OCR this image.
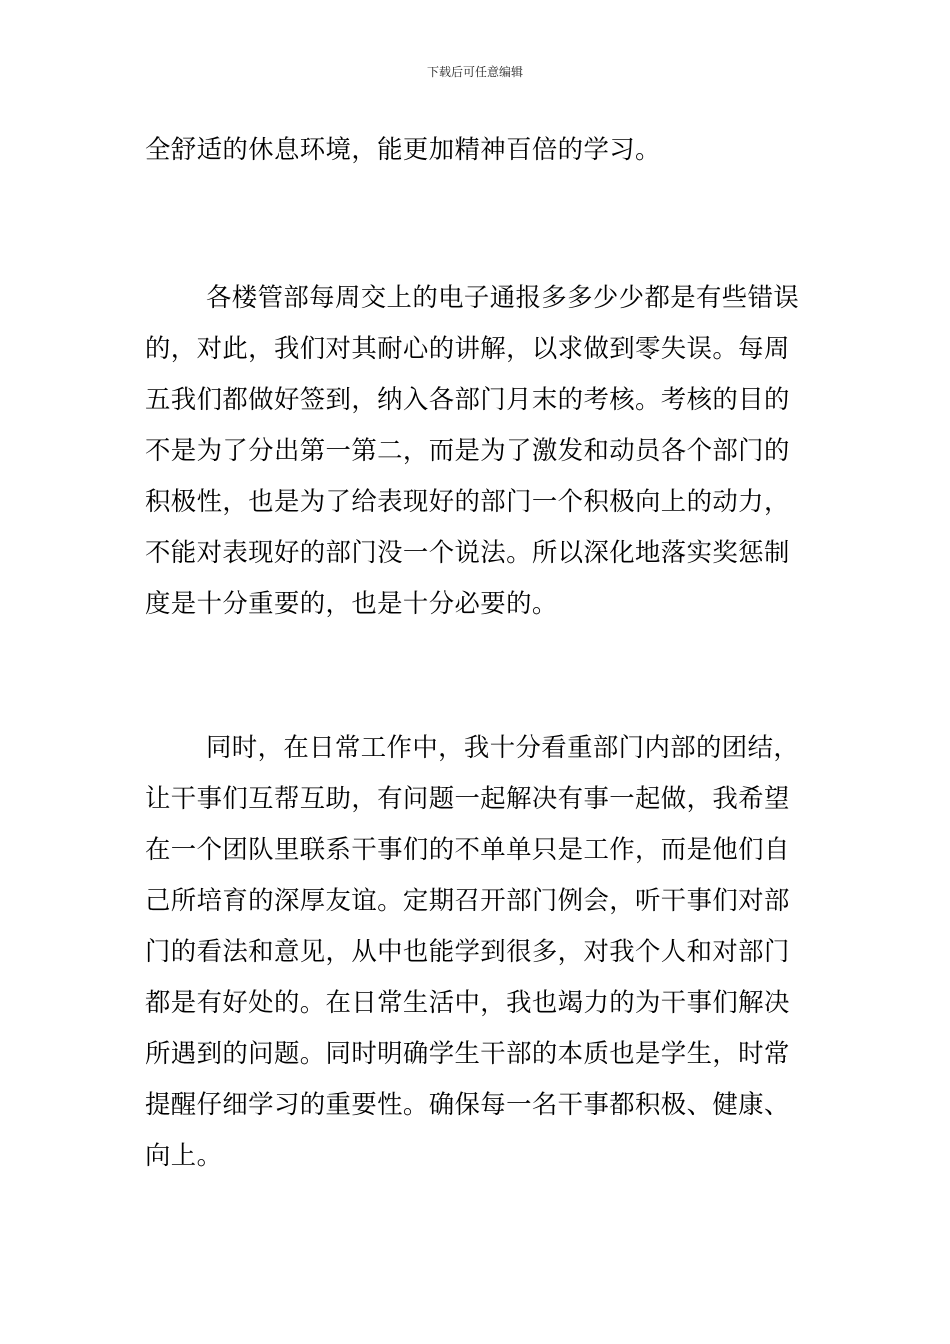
下载后可任意编辑
全舒适的休息环境，能更加精神百倍的学习。
各楼管部每周交上的电子通报多多少少都是有些错误
的，对此，我们对其耐心的讲解，以求做到零失误。每周
五我们都做好签到，纳入各部门月末的考核。考核的目的
不是为了分出第一第二，而是为了激发和动员各个部门的
积极性，也是为了给表现好的部门一个积极向上的动力，
不能对表现好的部门没一个说法。所以深化地落实奖惩制
度是十分重要的，也是十分必要的。
同时，在日常工作中，我十分看重部门内部的团结，
让干事们互帮互助，有问题一起解决有事一起做，我希望
在一个团队里联系干事们的不单单只是工作，而是他们自
己所培育的深厚友谊。定期召开部门例会，听干事们对部
门的看法和意见，从中也能学到很多，对我个人和对部门
都是有好处的。在日常生活中，我也竭力的为干事们解决
所遇到的问题。同时明确学生干部的本质也是学生，时常
提醒仔细学习的重要性。确保每一名干事都积极、健康、
向上。
